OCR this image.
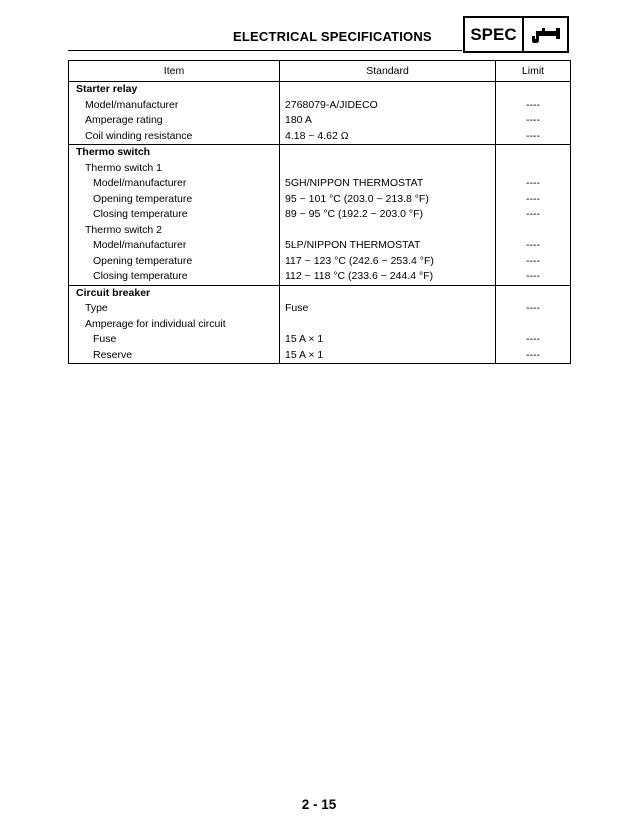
ELECTRICAL SPECIFICATIONS	SPEC
Item	Standard	Limit
Starter relay
Model/manufacturer	2768079-A/JIDECO	----
Amperage rating	180 A	----
Coil winding resistance	4.18 ~ 4.62 Ω	----
Thermo switch
Thermo switch 1
Model/manufacturer	5GH/NIPPON THERMOSTAT	----
Opening temperature	95 ~ 101 °C (203.0 ~ 213.8 °F)	----
Closing temperature	89 ~ 95 °C (192.2 ~ 203.0 °F)	----
Thermo switch 2
Model/manufacturer	5LP/NIPPON THERMOSTAT	----
Opening temperature	117 ~ 123 °C (242.6 ~ 253.4 °F)	----
Closing temperature	112 ~ 118 °C (233.6 ~ 244.4 °F)	----
Circuit breaker
Type	Fuse	----
Amperage for individual circuit
Fuse	15 A × 1	----
Reserve	15 A × 1	----
2 - 15
